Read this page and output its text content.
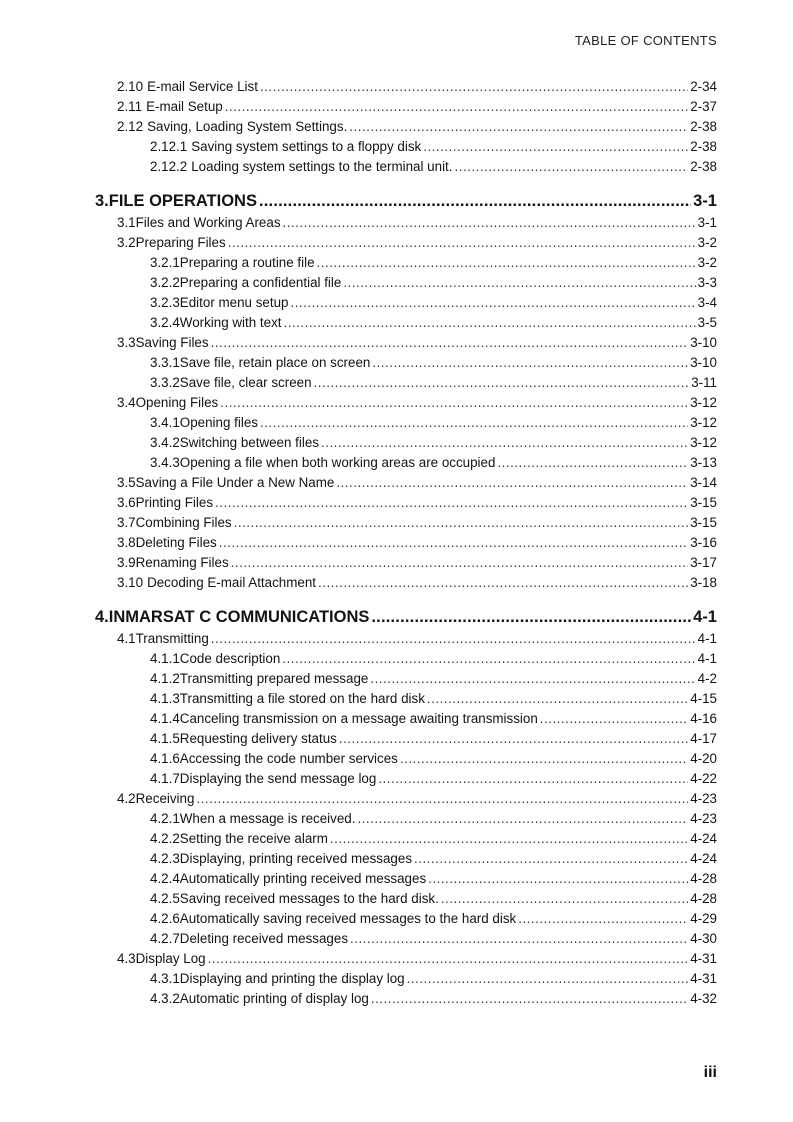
TABLE OF CONTENTS
2.10 E-mail Service List .....	2-34
2.11 E-mail Setup .....	2-37
2.12 Saving, Loading System Settings. .....	2-38
2.12.1 Saving system settings to a floppy disk .....	2-38
2.12.2 Loading system settings to the terminal unit. .....	2-38
3. FILE OPERATIONS .....	3-1
3.1 Files and Working Areas .....	3-1
3.2 Preparing Files .....	3-2
3.2.1 Preparing a routine file .....	3-2
3.2.2 Preparing a confidential file .....	3-3
3.2.3 Editor menu setup .....	3-4
3.2.4 Working with text .....	3-5
3.3 Saving Files .....	3-10
3.3.1 Save file, retain place on screen .....	3-10
3.3.2 Save file, clear screen .....	3-11
3.4 Opening Files .....	3-12
3.4.1 Opening files .....	3-12
3.4.2 Switching between files .....	3-12
3.4.3 Opening a file when both working areas are occupied .....	3-13
3.5 Saving a File Under a New Name .....	3-14
3.6 Printing Files .....	3-15
3.7 Combining Files .....	3-15
3.8 Deleting Files .....	3-16
3.9 Renaming Files .....	3-17
3.10 Decoding E-mail Attachment .....	3-18
4. INMARSAT C COMMUNICATIONS .....	4-1
4.1 Transmitting .....	4-1
4.1.1 Code description .....	4-1
4.1.2 Transmitting prepared message .....	4-2
4.1.3 Transmitting a file stored on the hard disk .....	4-15
4.1.4 Canceling transmission on a message awaiting transmission .....	4-16
4.1.5 Requesting delivery status .....	4-17
4.1.6 Accessing the code number services .....	4-20
4.1.7 Displaying the send message log .....	4-22
4.2 Receiving .....	4-23
4.2.1 When a message is received. .....	4-23
4.2.2 Setting the receive alarm .....	4-24
4.2.3 Displaying, printing received messages .....	4-24
4.2.4 Automatically printing received messages .....	4-28
4.2.5 Saving received messages to the hard disk. .....	4-28
4.2.6 Automatically saving received messages to the hard disk .....	4-29
4.2.7 Deleting received messages .....	4-30
4.3 Display Log .....	4-31
4.3.1 Displaying and printing the display log .....	4-31
4.3.2 Automatic printing of display log .....	4-32
iii
